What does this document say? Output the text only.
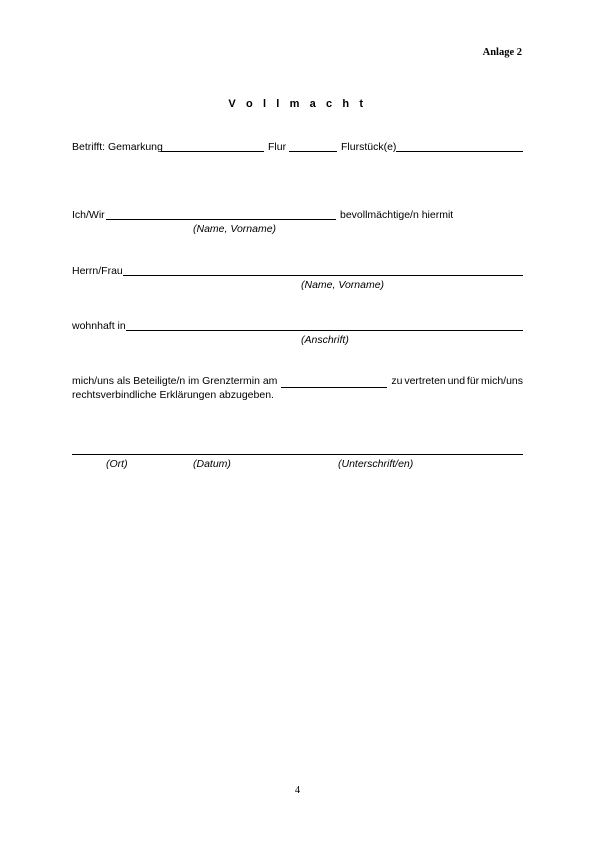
Anlage 2
V o l l m a c h t
Betrifft: Gemarkung	Flur	Flurstück(e)
Ich/Wir	bevollmächtige/n hiermit
(Name, Vorname)
Herrn/Frau
(Name, Vorname)
wohnhaft in
(Anschrift)
mich/uns als Beteiligte/n im Grenztermin am	zu vertreten und für mich/uns
rechtsverbindliche Erklärungen abzugeben.
(Ort)	(Datum)	(Unterschrift/en)
4
